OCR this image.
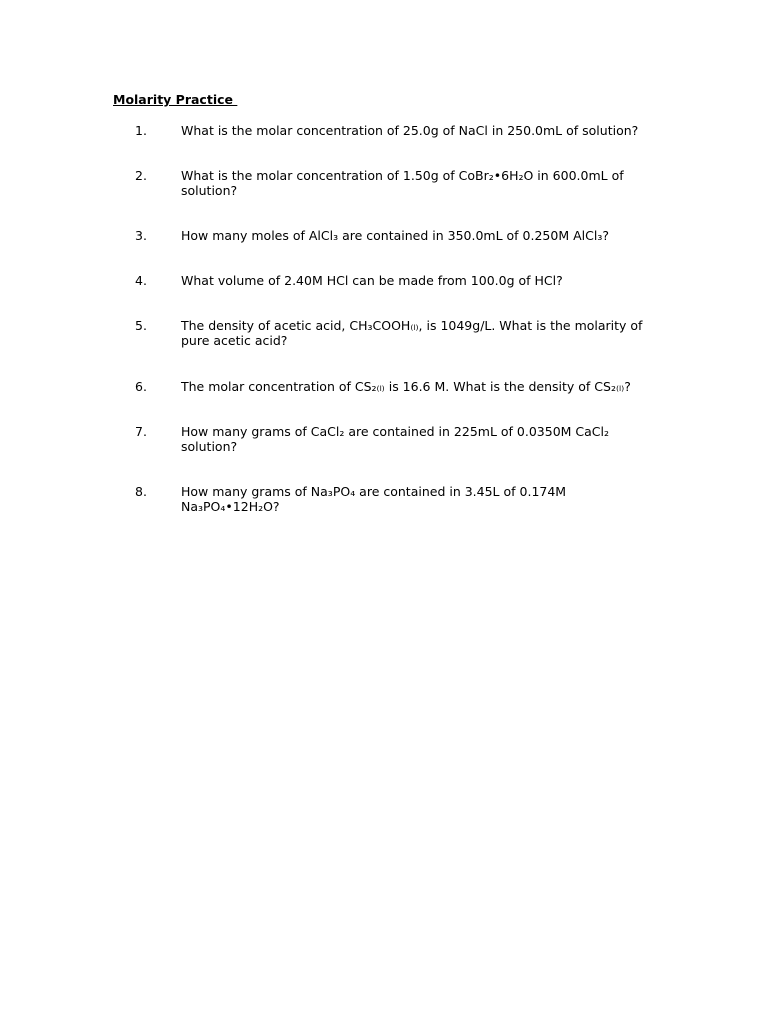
Molarity Practice
1.	What is the molar concentration of 25.0g of NaCl in 250.0mL of solution?
2.	What is the molar concentration of 1.50g of CoBr₂•6H₂O in 600.0mL of solution?
3.	How many moles of AlCl₃ are contained in 350.0mL of 0.250M AlCl₃?
4.	What volume of 2.40M HCl can be made from 100.0g of HCl?
5.	The density of acetic acid, CH₃COOH₍ₗ₎, is 1049g/L. What is the molarity of pure acetic acid?
6.	The molar concentration of CS₂₍ₗ₎ is 16.6 M. What is the density of CS₂₍ₗ₎?
7.	How many grams of CaCl₂ are contained in 225mL of 0.0350M CaCl₂ solution?
8.	How many grams of Na₃PO₄ are contained in 3.45L of 0.174M Na₃PO₄•12H₂O?
